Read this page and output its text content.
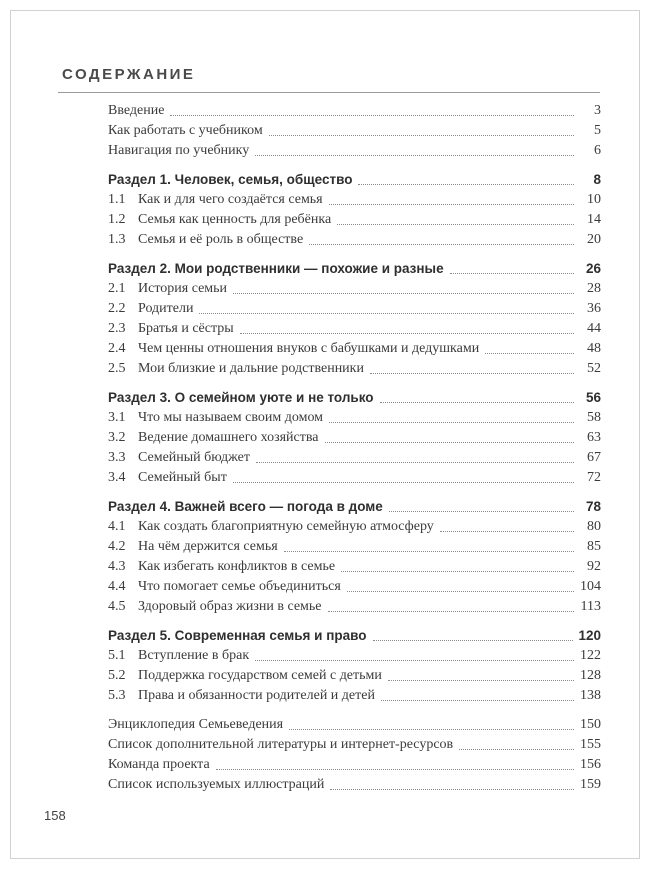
СОДЕРЖАНИЕ
Введение	3
Как работать с учебником	5
Навигация по учебнику	6
Раздел 1. Человек, семья, общество	8
1.1 Как и для чего создаётся семья	10
1.2 Семья как ценность для ребёнка	14
1.3 Семья и её роль в обществе	20
Раздел 2. Мои родственники — похожие и разные	26
2.1 История семьи	28
2.2 Родители	36
2.3 Братья и сёстры	44
2.4 Чем ценны отношения внуков с бабушками и дедушками	48
2.5 Мои близкие и дальние родственники	52
Раздел 3. О семейном уюте и не только	56
3.1 Что мы называем своим домом	58
3.2 Ведение домашнего хозяйства	63
3.3 Семейный бюджет	67
3.4 Семейный быт	72
Раздел 4. Важней всего — погода в доме	78
4.1 Как создать благоприятную семейную атмосферу	80
4.2 На чём держится семья	85
4.3 Как избегать конфликтов в семье	92
4.4 Что помогает семье объединиться	104
4.5 Здоровый образ жизни в семье	113
Раздел 5. Современная семья и право	120
5.1 Вступление в брак	122
5.2 Поддержка государством семей с детьми	128
5.3 Права и обязанности родителей и детей	138
Энциклопедия Семьеведения	150
Список дополнительной литературы и интернет-ресурсов	155
Команда проекта	156
Список используемых иллюстраций	159
158
